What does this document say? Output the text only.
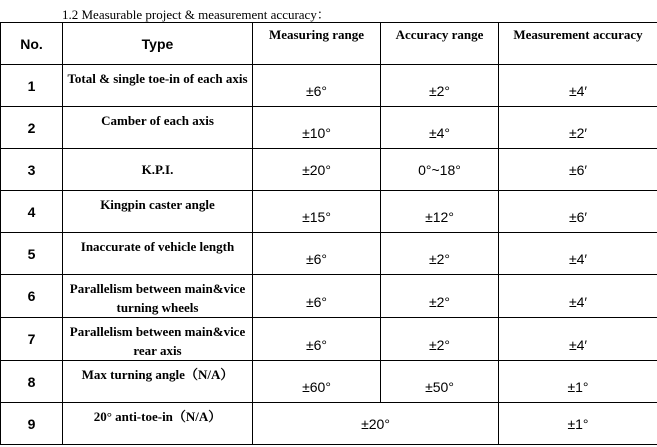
1.2 Measurable project & measurement accuracy：
No.	Type	Measuring range	Accuracy range	Measurement accuracy
1	Total & single toe-in of each axis	±6°	±2°	±4′
2	Camber of each axis	±10°	±4°	±2′
3	K.P.I.	±20°	0°~18°	±6′
4	Kingpin caster angle	±15°	±12°	±6′
5	Inaccurate of vehicle length	±6°	±2°	±4′
6	Parallelism between main&vice turning wheels	±6°	±2°	±4′
7	Parallelism between main&vice rear axis	±6°	±2°	±4′
8	Max turning angle（N/A）	±60°	±50°	±1°
9	20° anti-toe-in（N/A）	±20°		±1°
